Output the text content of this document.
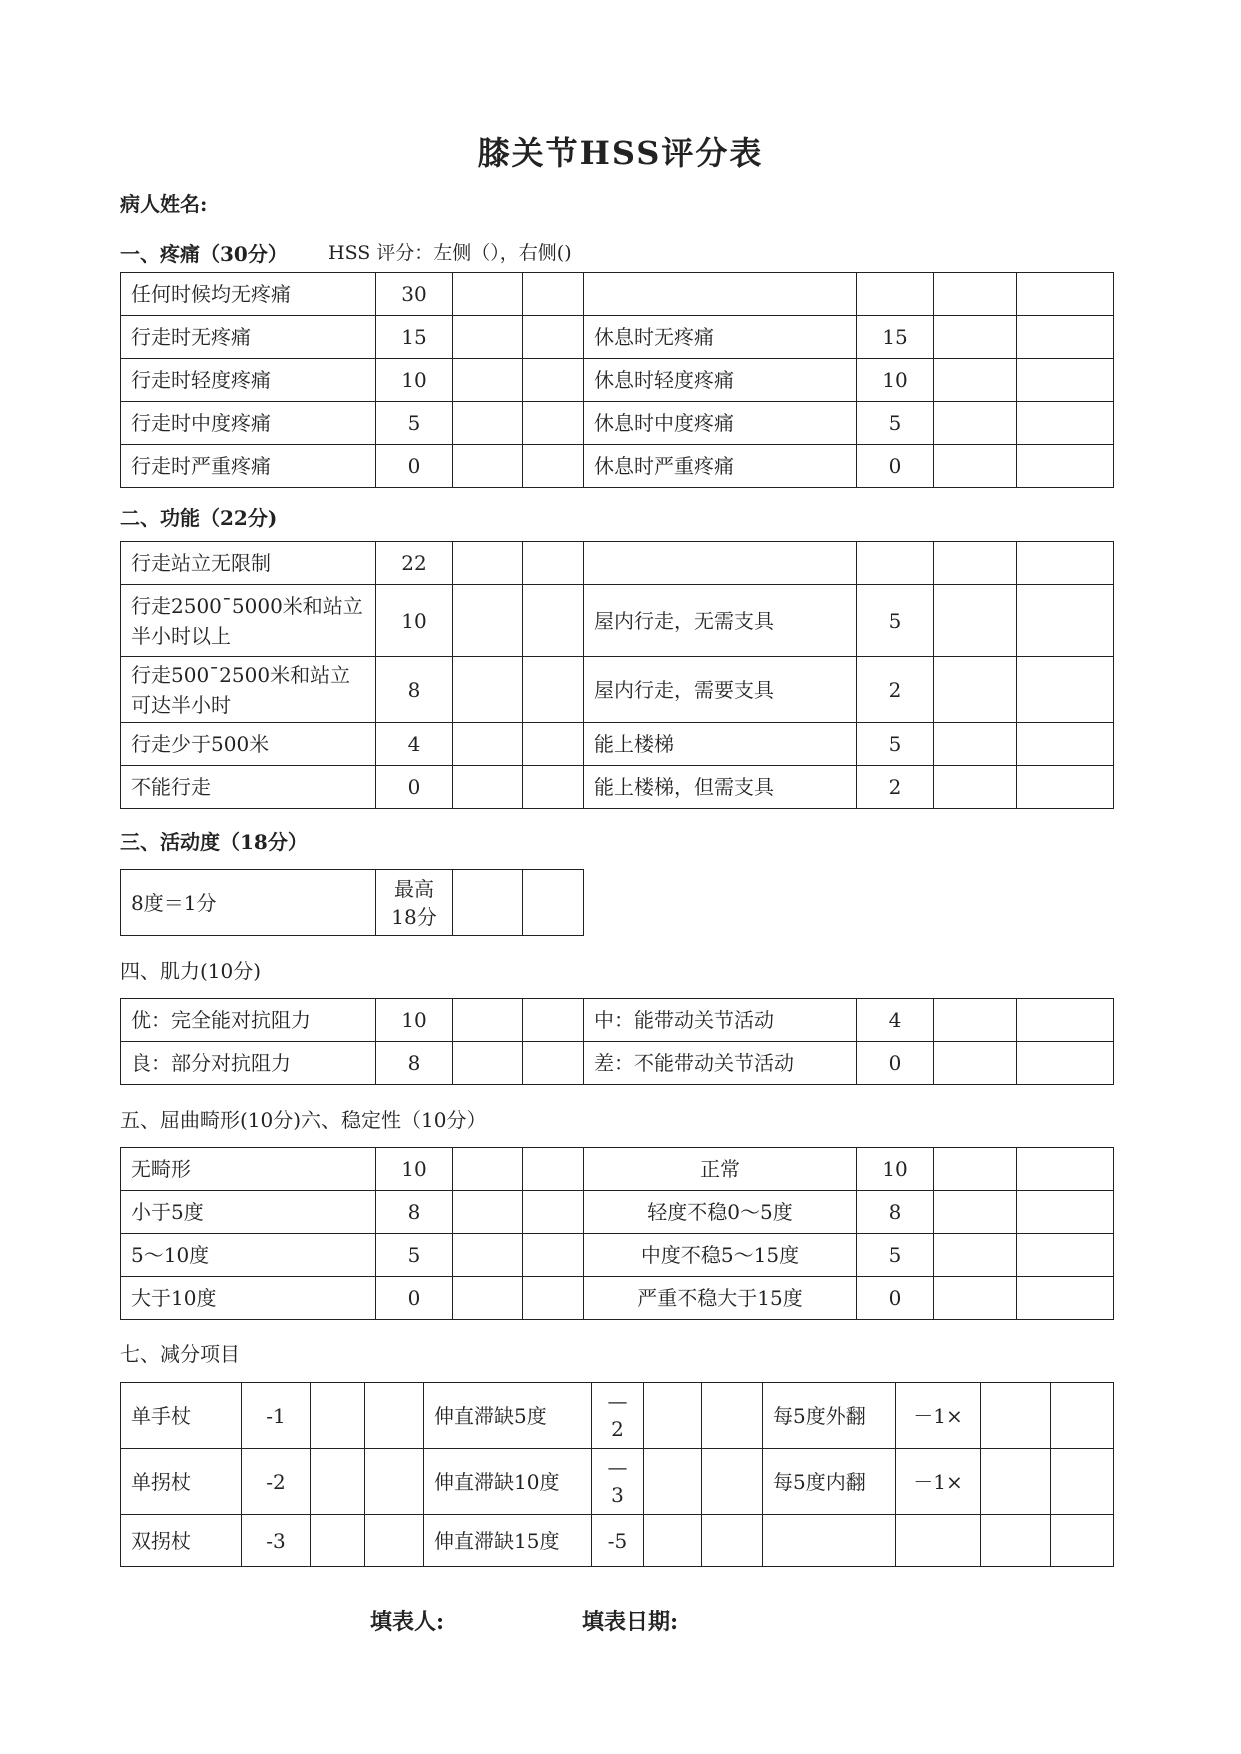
膝关节HSS评分表
病人姓名:
一、疼痛（30分） HSS 评分：左侧（），右侧()
任何时候均无疼痛	30						
行走时无疼痛	15			休息时无疼痛	15		
行走时轻度疼痛	10			休息时轻度疼痛	10		
行走时中度疼痛	5			休息时中度疼痛	5		
行走时严重疼痛	0			休息时严重疼痛	0		
二、功能（22分)
行走站立无限制	22						
行走2500¯5000米和站立半小时以上	10			屋内行走，无需支具	5		
行走500¯2500米和站立可达半小时	8			屋内行走，需要支具	2		
行走少于500米	4			能上楼梯	5		
不能行走	0			能上楼梯，但需支具	2		
三、活动度（18分）
8度＝1分	最高18分		
四、肌力(10分)
优：完全能对抗阻力	10			中：能带动关节活动	4		
良：部分对抗阻力	8			差：不能带动关节活动	0		
五、屈曲畸形(10分)六、稳定性（10分）
无畸形	10			正常	10		
小于5度	8			轻度不稳0～5度	8		
5～10度	5			中度不稳5～15度	5		
大于10度	0			严重不稳大于15度	0		
七、减分项目
单手杖	-1			伸直滞缺5度	—2			每5度外翻	－1×		
单拐杖	-2			伸直滞缺10度	—3			每5度内翻	－1×		
双拐杖	-3			伸直滞缺15度	-5						
填表人:	填表日期:
